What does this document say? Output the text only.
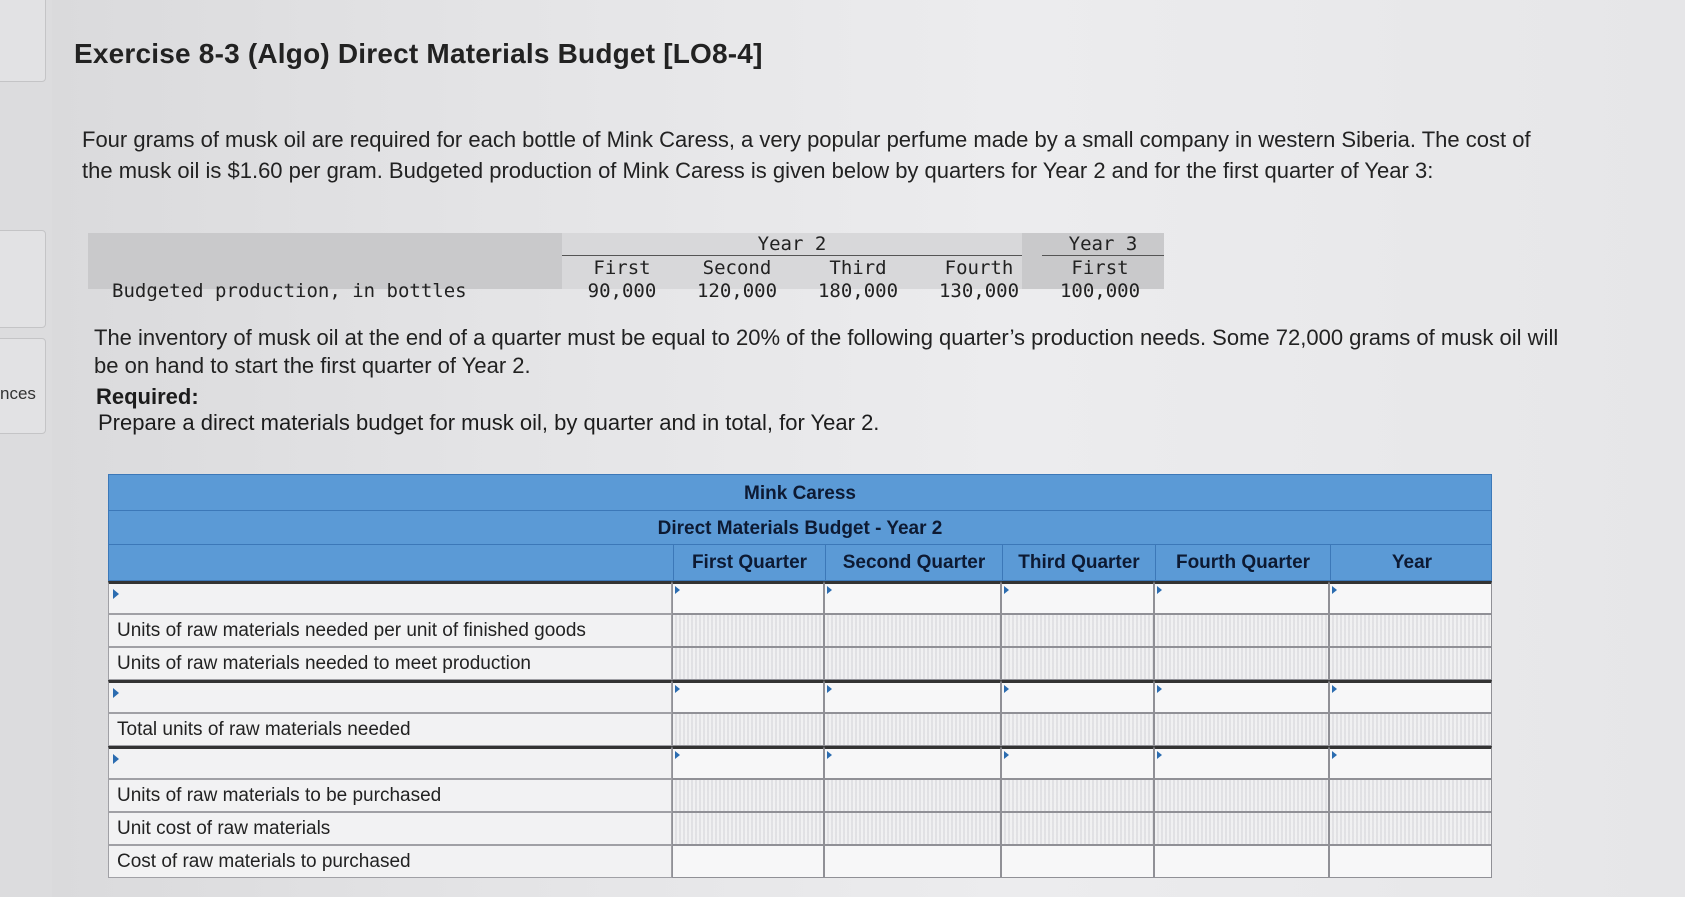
nces
Exercise 8-3 (Algo) Direct Materials Budget [LO8-4]

Four grams of musk oil are required for each bottle of Mink Caress, a very popular perfume made by a small company in western Siberia. The cost of the musk oil is $1.60 per gram. Budgeted production of Mink Caress is given below by quarters for Year 2 and for the first quarter of Year 3:

Year 2	Year 3
First	Second	Third	Fourth	First
Budgeted production, in bottles	90,000	120,000	180,000	130,000	100,000

The inventory of musk oil at the end of a quarter must be equal to 20% of the following quarter’s production needs. Some 72,000 grams of musk oil will be on hand to start the first quarter of Year 2.

Required:

Prepare a direct materials budget for musk oil, by quarter and in total, for Year 2.

Mink Caress
Direct Materials Budget - Year 2
First Quarter	Second Quarter	Third Quarter	Fourth Quarter	Year
Units of raw materials needed per unit of finished goods
Units of raw materials needed to meet production
Total units of raw materials needed
Units of raw materials to be purchased
Unit cost of raw materials
Cost of raw materials to purchased
